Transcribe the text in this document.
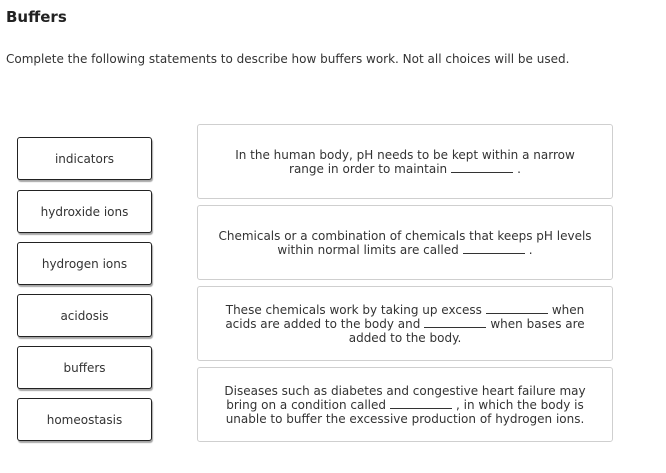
Buffers
Complete the following statements to describe how buffers work. Not all choices will be used.
indicators
hydroxide ions
hydrogen ions
acidosis
buffers
homeostasis
In the human body, pH needs to be kept within a narrow range in order to maintain	.
Chemicals or a combination of chemicals that keeps pH levels within normal limits are called	.
These chemicals work by taking up excess	when acids are added to the body and	when bases are added to the body.
Diseases such as diabetes and congestive heart failure may bring on a condition called	, in which the body is unable to buffer the excessive production of hydrogen ions.
